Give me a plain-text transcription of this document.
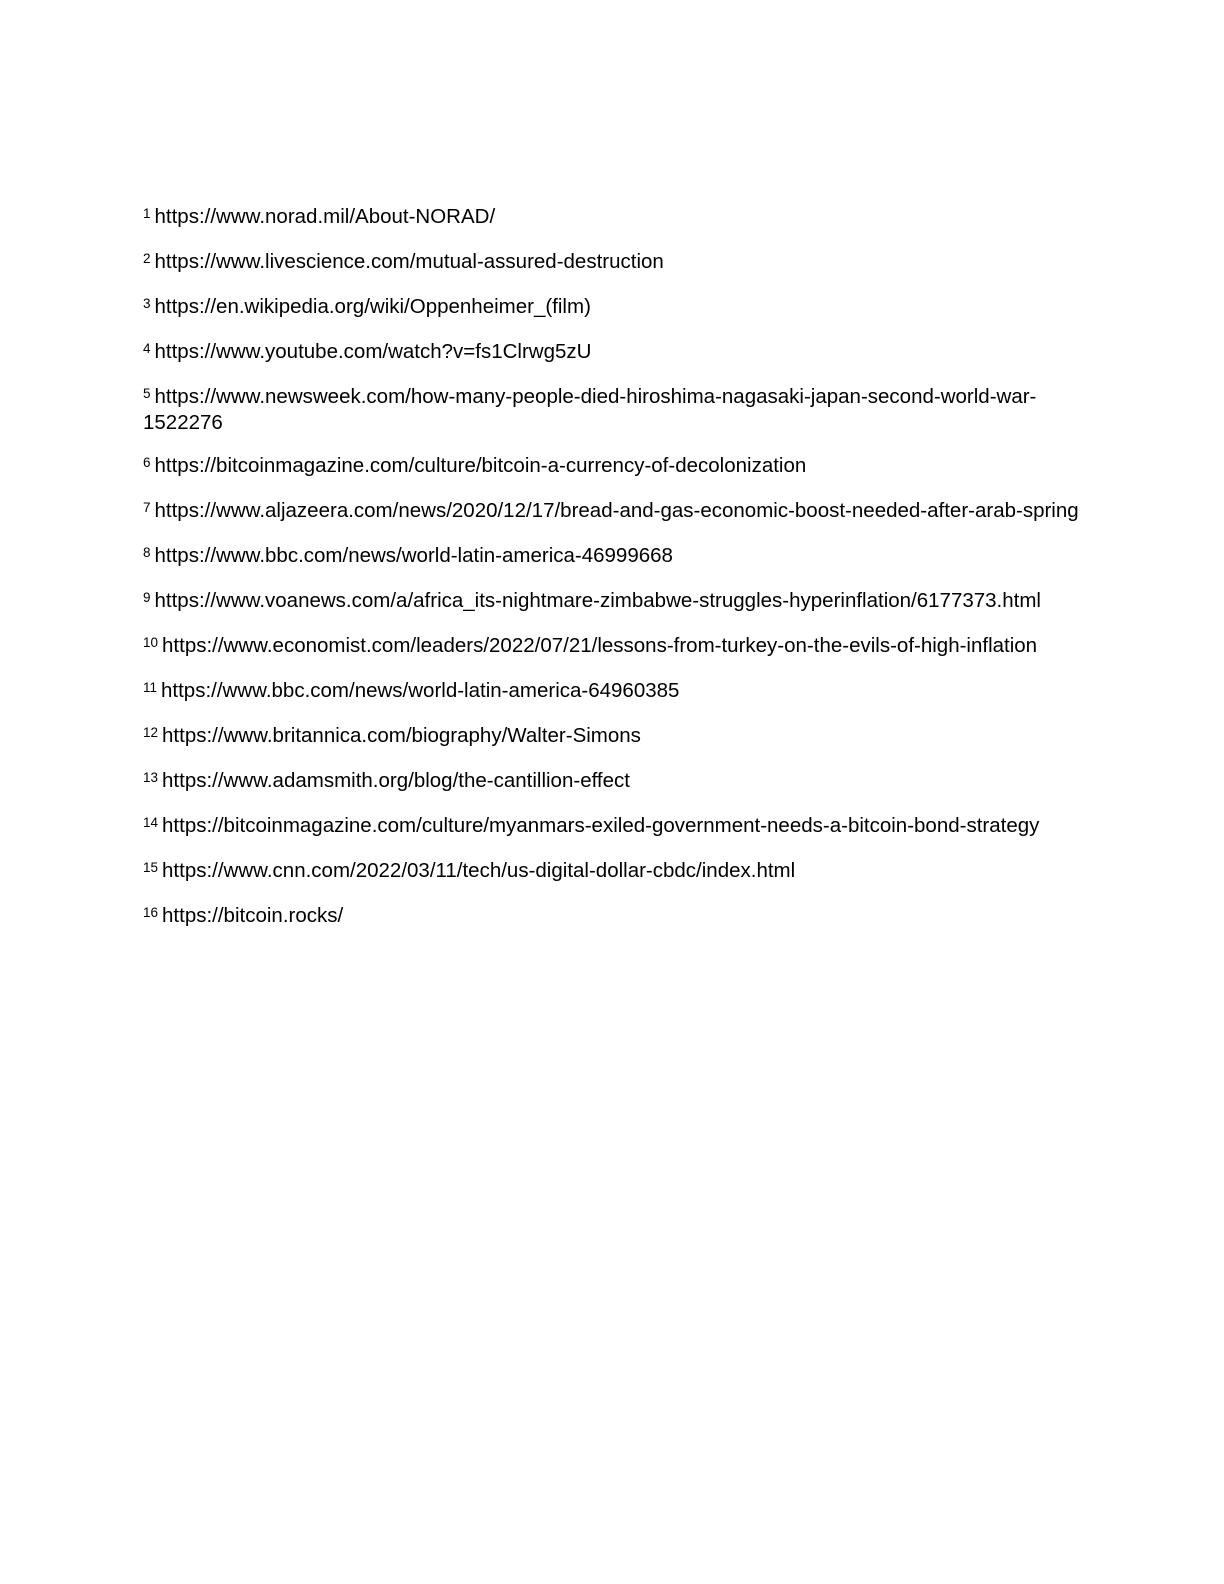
$^1$ https://www.norad.mil/About-NORAD/
$^2$ https://www.livescience.com/mutual-assured-destruction
$^3$ https://en.wikipedia.org/wiki/Oppenheimer_(film)
$^4$ https://www.youtube.com/watch?v=fs1Clrwg5zU
$^5$ https://www.newsweek.com/how-many-people-died-hiroshima-nagasaki-japan-second-world-war-1522276
$^6$ https://bitcoinmagazine.com/culture/bitcoin-a-currency-of-decolonization
$^7$ https://www.aljazeera.com/news/2020/12/17/bread-and-gas-economic-boost-needed-after-arab-spring
$^8$ https://www.bbc.com/news/world-latin-america-46999668
$^9$ https://www.voanews.com/a/africa_its-nightmare-zimbabwe-struggles-hyperinflation/6177373.html
$^{10}$ https://www.economist.com/leaders/2022/07/21/lessons-from-turkey-on-the-evils-of-high-inflation
$^{11}$ https://www.bbc.com/news/world-latin-america-64960385
$^{12}$ https://www.britannica.com/biography/Walter-Simons
$^{13}$ https://www.adamsmith.org/blog/the-cantillion-effect
$^{14}$ https://bitcoinmagazine.com/culture/myanmars-exiled-government-needs-a-bitcoin-bond-strategy
$^{15}$ https://www.cnn.com/2022/03/11/tech/us-digital-dollar-cbdc/index.html
$^{16}$ https://bitcoin.rocks/
